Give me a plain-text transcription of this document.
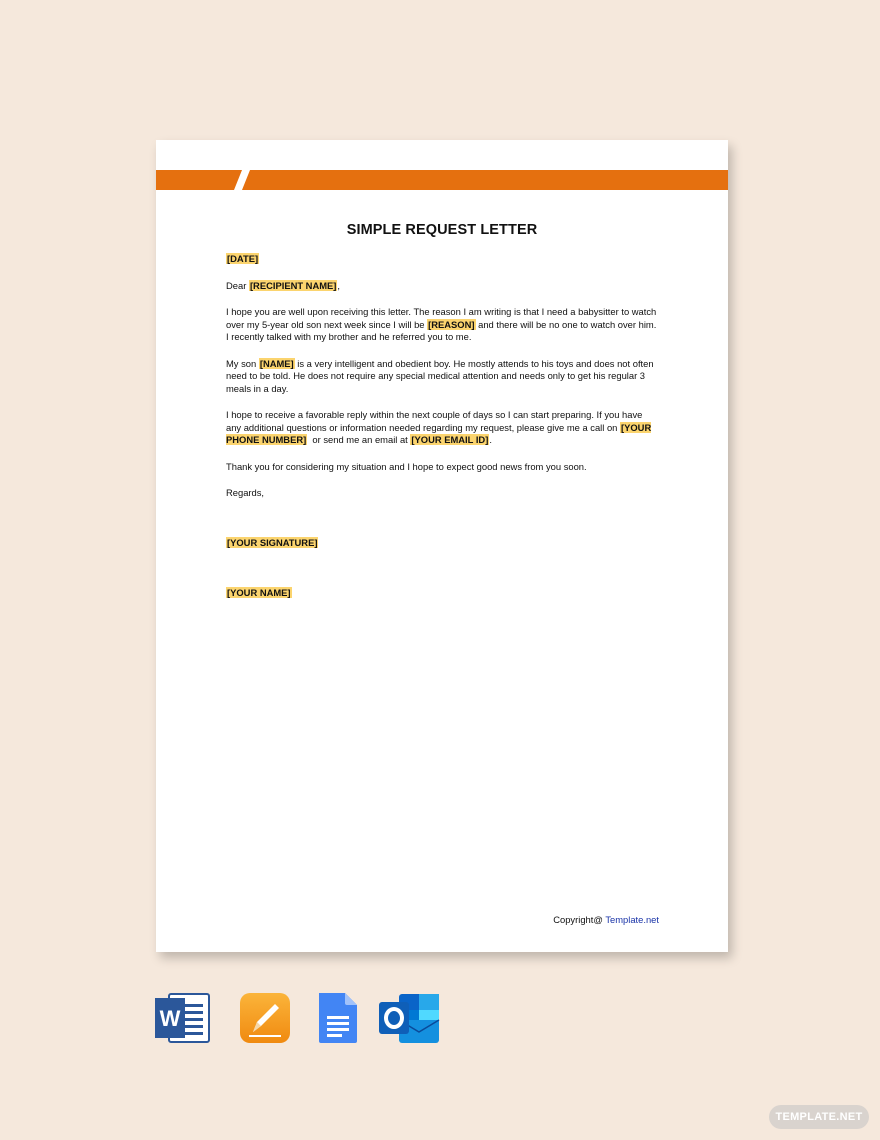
SIMPLE REQUEST LETTER

[DATE]

Dear [RECIPIENT NAME],

I hope you are well upon receiving this letter. The reason I am writing is that I need a babysitter to watch over my 5-year old son next week since I will be [REASON] and there will be no one to watch over him. I recently talked with my brother and he referred you to me.

My son [NAME] is a very intelligent and obedient boy. He mostly attends to his toys and does not often need to be told. He does not require any special medical attention and needs only to get his regular 3 meals in a day.

I hope to receive a favorable reply within the next couple of days so I can start preparing. If you have any additional questions or information needed regarding my request, please give me a call on [YOUR PHONE NUMBER]  or send me an email at [YOUR EMAIL ID].

Thank you for considering my situation and I hope to expect good news from you soon.

Regards,

[YOUR SIGNATURE]

[YOUR NAME]

Copyright@ Template.net
W
TEMPLATE.NET
